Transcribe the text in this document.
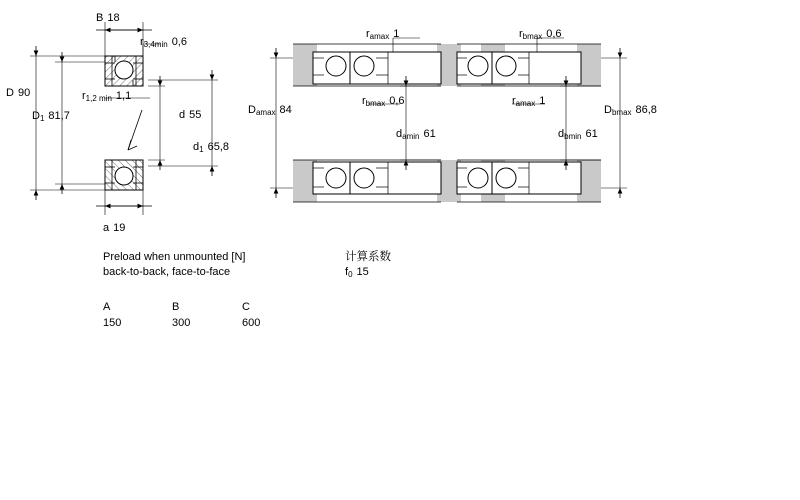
B 18
r3,4min 0,6
D 90	r1,2 min 1,1
D1 81,7	d 55
d1 65,8
a 19
ramax 1	rbmax 0,6
Damax 84
rbmax 0,6	ramax 1
Dbmax 86,8
damin 61	dbmin 61
Preload when unmounted [N]
back-to-back, face-to-face
A	B	C
150	300	600
计算系数
f0 15
